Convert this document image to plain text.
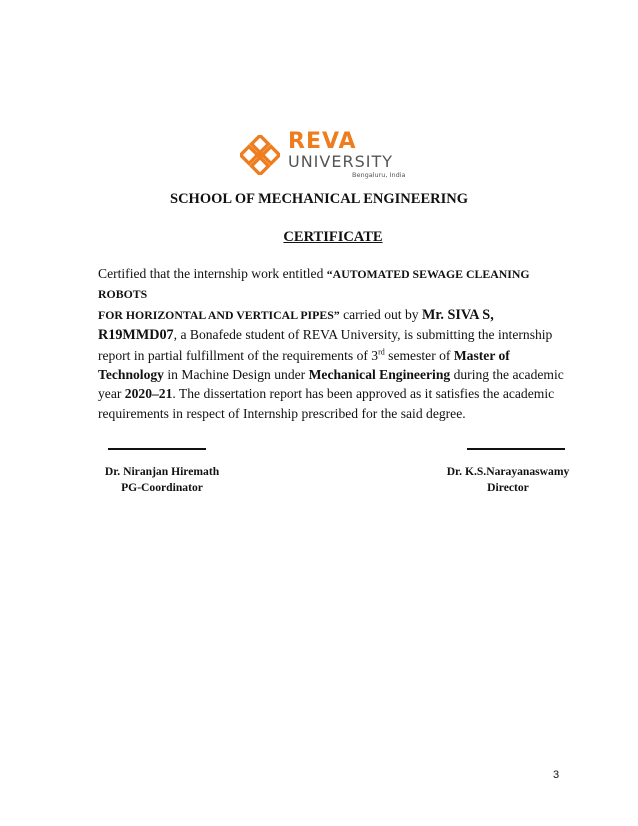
REVA
UNIVERSITY
Bengaluru, India
SCHOOL OF MECHANICAL ENGINEERING
CERTIFICATE

Certified that the internship work entitled “AUTOMATED SEWAGE CLEANING ROBOTS
FOR HORIZONTAL AND VERTICAL PIPES” carried out by Mr. SIVA S, R19MMD07, a Bonafede student of REVA University, is submitting the internship report in partial fulfillment of the requirements of 3rd semester of Master of Technology in Machine Design under Mechanical Engineering during the academic year 2020–21. The dissertation report has been approved as it satisfies the academic requirements in respect of Internship prescribed for the said degree.

Dr. Niranjan Hiremath
PG-Coordinator
Dr. K.S.Narayanaswamy
Director
3
